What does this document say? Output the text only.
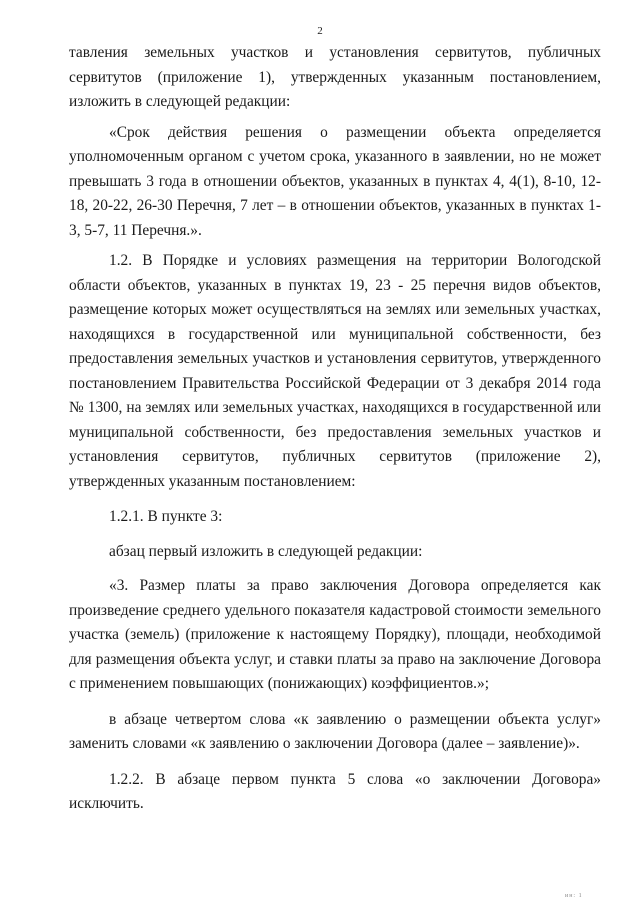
2

тавления земельных участков и установления сервитутов, публичных сервитутов (приложение 1), утвержденных указанным постановлением, изложить в следующей редакции:

«Срок действия решения о размещении объекта определяется уполномоченным органом с учетом срока, указанного в заявлении, но не может превышать 3 года в отношении объектов, указанных в пунктах 4, 4(1), 8-10, 12-18, 20-22, 26-30 Перечня, 7 лет – в отношении объектов, указанных в пунктах 1-3, 5-7, 11 Перечня.».

1.2. В Порядке и условиях размещения на территории Вологодской области объектов, указанных в пунктах 19, 23 - 25 перечня видов объектов, размещение которых может осуществляться на землях или земельных участках, находящихся в государственной или муниципальной собственности, без предоставления земельных участков и установления сервитутов, утвержденного постановлением Правительства Российской Федерации от 3 декабря 2014 года № 1300, на землях или земельных участках, находящихся в государственной или муниципальной собственности, без предоставления земельных участков и установления сервитутов, публичных сервитутов (приложение 2), утвержденных указанным постановлением:

1.2.1. В пункте 3:

абзац первый изложить в следующей редакции:

«3. Размер платы за право заключения Договора определяется как произведение среднего удельного показателя кадастровой стоимости земельного участка (земель) (приложение к настоящему Порядку), площади, необходимой для размещения объекта услуг, и ставки платы за право на заключение Договора с применением повышающих (понижающих) коэффициентов.»;

в абзаце четвертом слова «к заявлению о размещении объекта услуг» заменить словами «к заявлению о заключении Договора (далее – заявление)».

1.2.2. В абзаце первом пункта 5 слова «о заключении Договора» исключить.

ин: 1
